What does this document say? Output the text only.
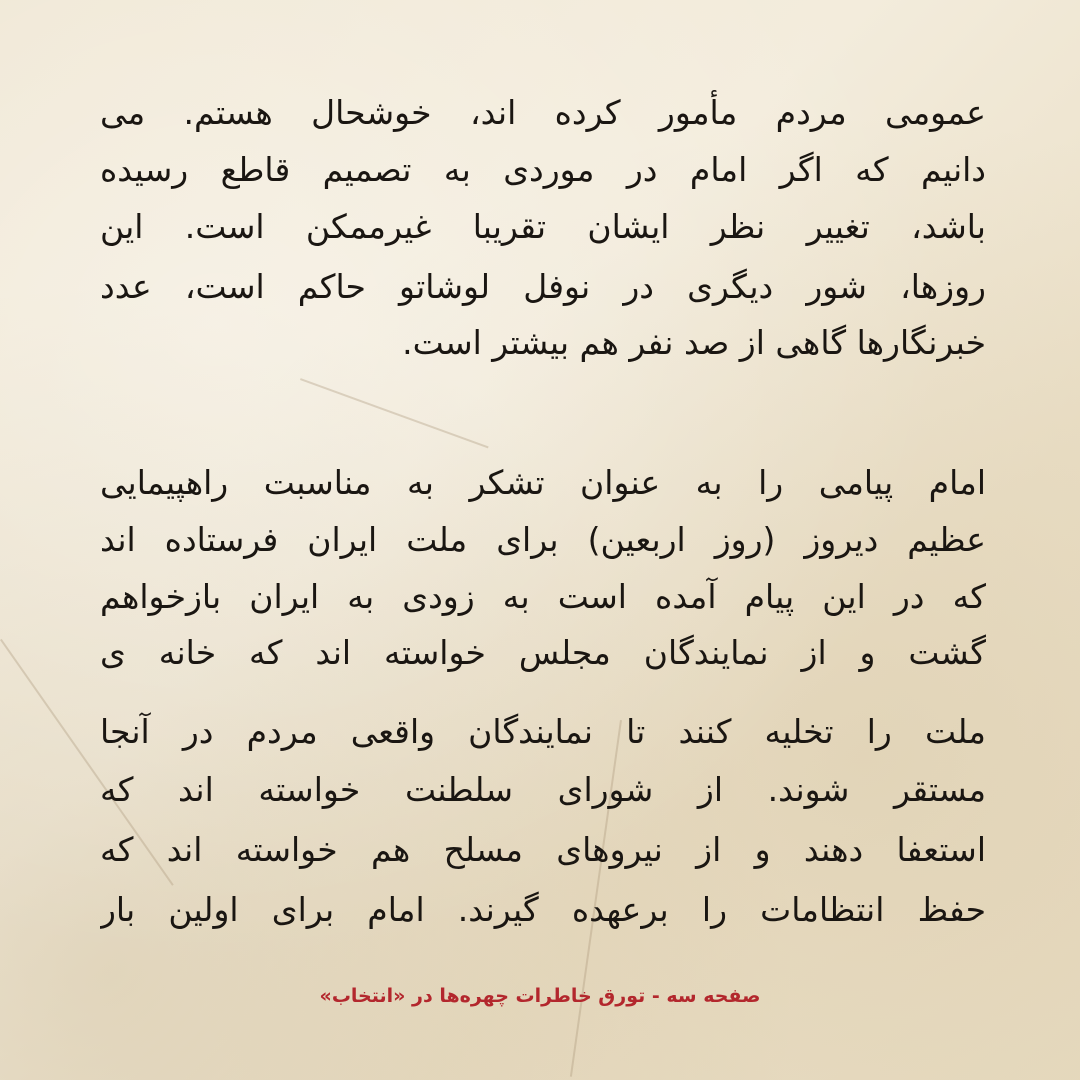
عمومی مردم مأمور کرده اند، خوشحال هستم. می
دانیم که اگر امام در موردی به تصمیم قاطع رسیده
باشد، تغییر نظر ایشان تقریبا غیرممکن است. این
روزها، شور دیگری در نوفل لوشاتو حاکم است، عدد
خبرنگارها گاهی از صد نفر هم بیشتر است.
امام پیامی را به عنوان تشکر به مناسبت راهپیمایی
عظیم دیروز (روز اربعین) برای ملت ایران فرستاده اند
که در این پیام آمده است به زودی به ایران بازخواهم
گشت و از نمایندگان مجلس خواسته اند که خانه ی
ملت را تخلیه کنند تا نمایندگان واقعی مردم در آنجا
مستقر شوند. از شورای سلطنت خواسته اند که
استعفا دهند و از نیروهای مسلح هم خواسته اند که
حفظ انتظامات را برعهده گیرند. امام برای اولین بار
صفحه سه - تورق خاطرات چهره‌ها در «انتخاب»
